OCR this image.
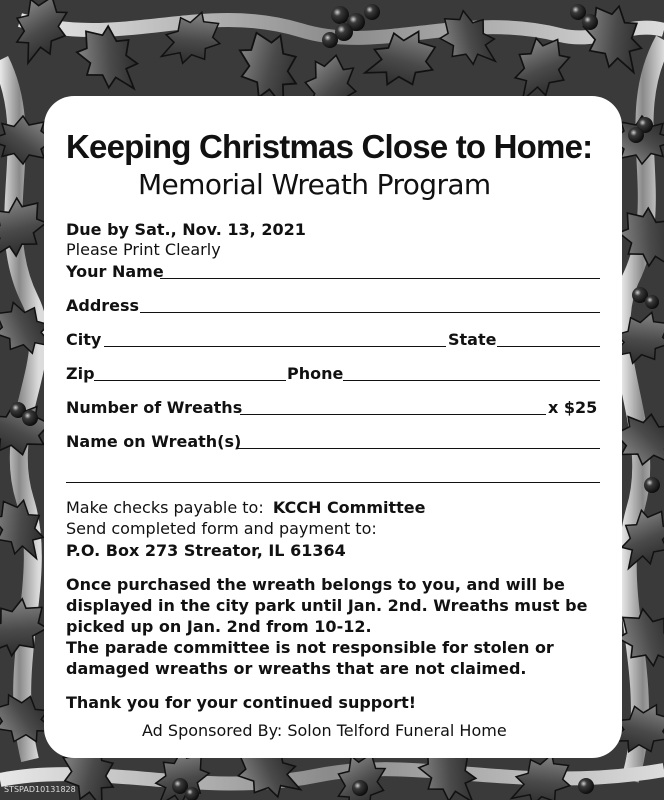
Keeping Christmas Close to Home:
Memorial Wreath Program
Due by Sat., Nov. 13, 2021
Please Print Clearly
Your Name
Address
City	State
Zip	Phone
Number of Wreaths	x $25
Name on Wreath(s)
Make checks payable to: KCCH Committee
Send completed form and payment to:
P.O. Box 273 Streator, IL 61364
Once purchased the wreath belongs to you, and will be
displayed in the city park until Jan. 2nd. Wreaths must be
picked up on Jan. 2nd from 10-12.
The parade committee is not responsible for stolen or
damaged wreaths or wreaths that are not claimed.
Thank you for your continued support!
Ad Sponsored By: Solon Telford Funeral Home
STSPAD10131828
